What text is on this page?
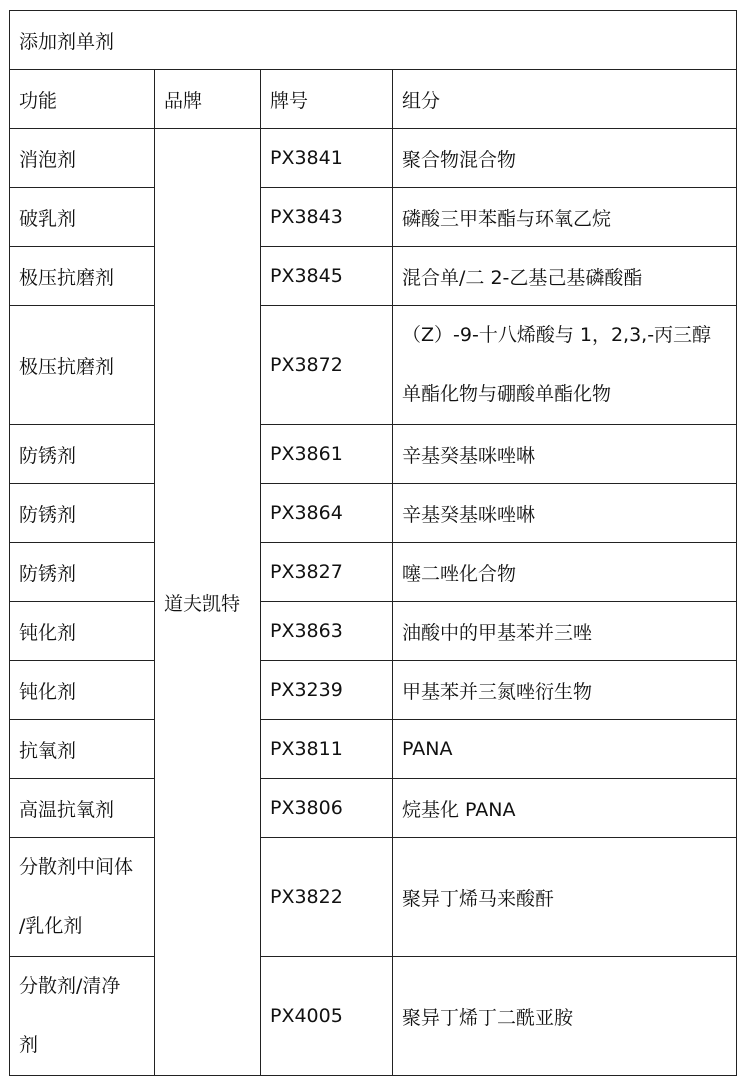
添加剂单剂			
功能	品牌	牌号	组分
消泡剂	道夫凯特	PX3841	聚合物混合物
破乳剂		PX3843	磷酸三甲苯酯与环氧乙烷
极压抗磨剂		PX3845	混合单/二 2-乙基己基磷酸酯
极压抗磨剂		PX3872	（Z）-9-十八烯酸与 1，2,3,-丙三醇
单酯化物与硼酸单酯化物

防锈剂		PX3861	辛基癸基咪唑啉
防锈剂		PX3864	辛基癸基咪唑啉
防锈剂		PX3827	噻二唑化合物
钝化剂		PX3863	油酸中的甲基苯并三唑
钝化剂		PX3239	甲基苯并三氮唑衍生物
抗氧剂		PX3811	PANA
高温抗氧剂		PX3806	烷基化 PANA

分散剂中间体
/乳化剂		PX3822	聚异丁烯马来酸酐

分散剂/清净
剂		PX4005	聚异丁烯丁二酰亚胺
